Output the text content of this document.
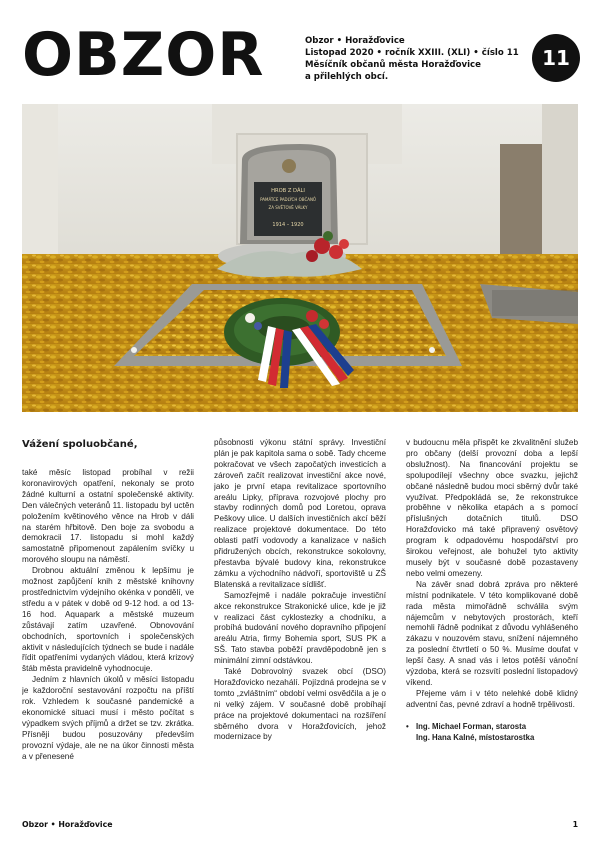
OBZOR	Obzor • Horažďovice
Listopad 2020 • ročník XXIII. (XLI) • číslo 11
Měsíčník občanů města Horažďovice
a přilehlých obcí.
11
HROB Z DÁLI
PAMÁTCE PADLÝCH OBČANŮ
ZA SVĚTOVÉ VÁLKY
1914 – 1920
Vážení spoluobčané,

také měsíc listopad probíhal v režii koronavirových opatření, nekonaly se proto žádné kulturní a ostatní společenské aktivity. Den válečných veteránů 11. listopadu byl uctěn položením květinového věnce na Hrob v dáli na starém hřbitově. Den boje za svobodu a demokracii 17. listopadu si mohl každý samostatně připomenout zapálením svíčky u morového sloupu na náměstí.

Drobnou aktuální změnou k lepšímu je možnost zapůjčení knih z městské knihovny prostřednictvím výdejního okénka v pondělí, ve středu a v pátek v době od 9-12 hod. a od 13-16 hod. Aquapark a městské muzeum zůstávají zatím uzavřené. Obnovování obchodních, sportovních i společenských aktivit v následujících týdnech se bude i nadále řídit opatřeními vydaných vládou, která krizový štáb města pravidelně vyhodnocuje.

Jedním z hlavních úkolů v měsíci listopadu je každoroční sestavování rozpočtu na příští rok. Vzhledem k současné pandemické a ekonomické situaci musí i město počítat s výpadkem svých příjmů a držet se tzv. zkrátka. Přísněji budou posuzovány především provozní výdaje, ale ne na úkor činnosti města a v přenesené

působnosti výkonu státní správy. Investiční plán je pak kapitola sama o sobě. Tady chceme pokračovat ve všech započatých investicích a zároveň začít realizovat investiční akce nové, jako je první etapa revitalizace sportovního areálu Lipky, příprava rozvojové plochy pro stavby rodinných domů pod Loretou, oprava Peškovy ulice. U dalších investičních akcí běží realizace projektové dokumentace. Do této oblasti patří vodovody a kanalizace v našich přidružených obcích, rekonstrukce sokolovny, přestavba bývalé budovy kina, rekonstrukce zámku a východního nádvoří, sportoviště u ZŠ Blatenská a revitalizace sídlišť.

Samozřejmě i nadále pokračuje investiční akce rekonstrukce Strakonické ulice, kde je již v realizaci část cyklostezky a chodníku, a probíhá budování nového dopravního připojení areálu Atria, firmy Bohemia sport, SUS PK a SŠ. Tato stavba poběží pravděpodobně jen s minimální zimní odstávkou.

Také Dobrovolný svazek obcí (DSO) Horažďovicko nezahálí. Pojízdná prodejna se v tomto „zvláštním“ období velmi osvědčila a je o ni velký zájem. V současné době probíhají práce na projektové dokumentaci na rozšíření sběrného dvora v Horažďovicích, jehož modernizace by

v budoucnu měla přispět ke zkvalitnění služeb pro občany (delší provozní doba a lepší obslužnost). Na financování projektu se spolupodílejí všechny obce svazku, jejichž občané následně budou moci sběrný dvůr také využívat. Předpokládá se, že rekonstrukce proběhne v několika etapách a s pomocí příslušných dotačních titulů. DSO Horažďovicko má také připravený osvětový program k odpadovému hospodářství pro širokou veřejnost, ale bohužel tyto aktivity musely být v současné době pozastaveny nebo velmi omezeny.

Na závěr snad dobrá zpráva pro některé místní podnikatele. V této komplikované době radа města mimořádně schválila svým nájemcům v nebytových prostorách, kteří nemohli řádně podnikat z důvodu vyhlášeného zákazu v nouzovém stavu, snížení nájemného za poslední čtvrtletí o 50 %. Musíme doufat v lepší časy. A snad vás i letos potěší vánoční výzdoba, která se rozsvítí poslední listopadový víkend.

Přejeme vám i v této nelehké době klidný adventní čas, pevné zdraví a hodně trpělivosti.

• Ing. Michael Forman, starosta
Ing. Hana Kalné, místostarostka
Obzor • Horažďovice	1
